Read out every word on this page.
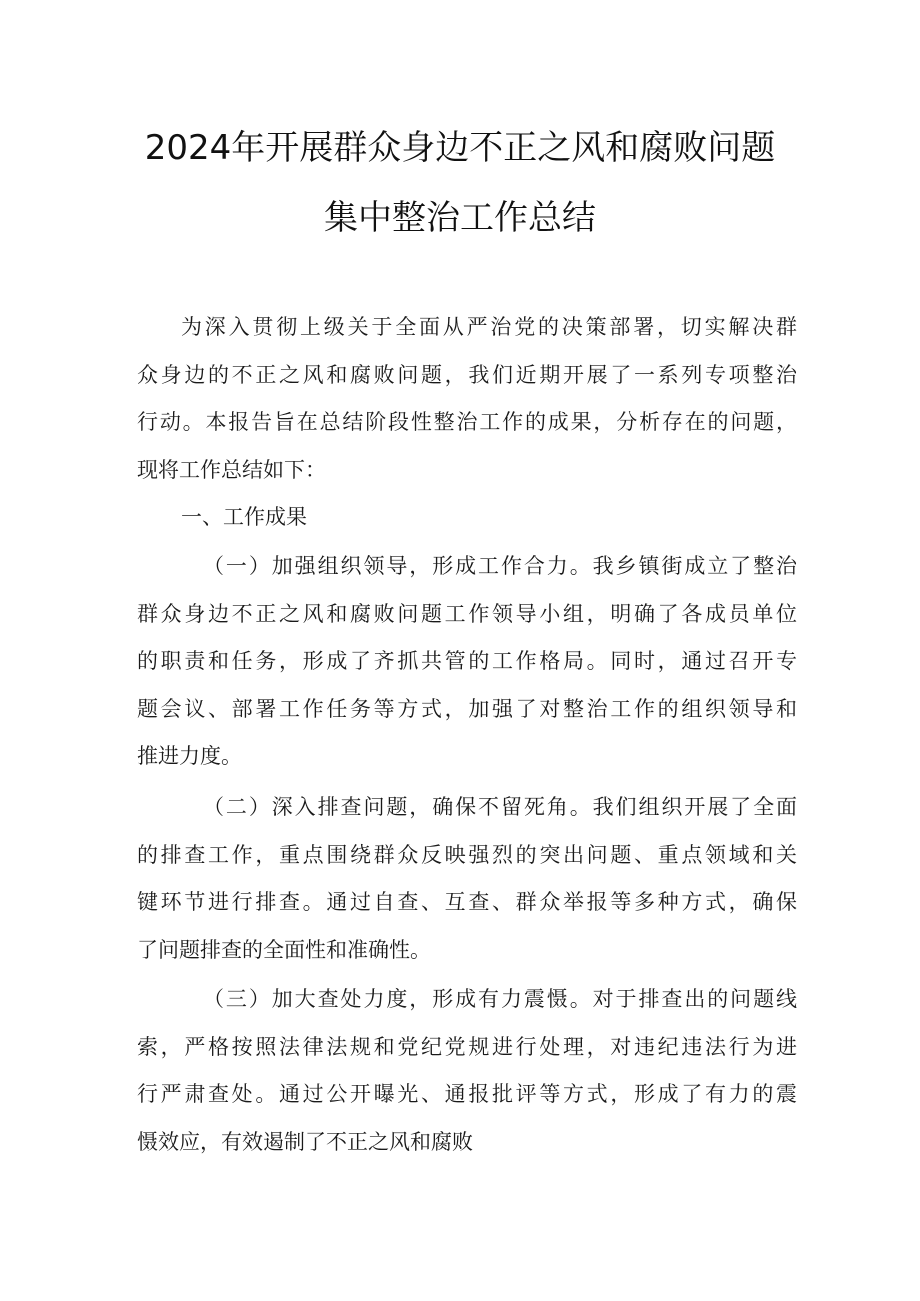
2024年开展群众身边不正之风和腐败问题
集中整治工作总结
为深入贯彻上级关于全面从严治党的决策部署，切实解决群
众身边的不正之风和腐败问题，我们近期开展了一系列专项整治
行动。本报告旨在总结阶段性整治工作的成果，分析存在的问题，
现将工作总结如下：
一、工作成果
（一）加强组织领导，形成工作合力。我乡镇街成立了整治
群众身边不正之风和腐败问题工作领导小组，明确了各成员单位
的职责和任务，形成了齐抓共管的工作格局。同时，通过召开专
题会议、部署工作任务等方式，加强了对整治工作的组织领导和
推进力度。
（二）深入排查问题，确保不留死角。我们组织开展了全面
的排查工作，重点围绕群众反映强烈的突出问题、重点领域和关
键环节进行排查。通过自查、互查、群众举报等多种方式，确保
了问题排查的全面性和准确性。
（三）加大查处力度，形成有力震慑。对于排查出的问题线
索，严格按照法律法规和党纪党规进行处理，对违纪违法行为进
行严肃查处。通过公开曝光、通报批评等方式，形成了有力的震
慑效应，有效遏制了不正之风和腐败
